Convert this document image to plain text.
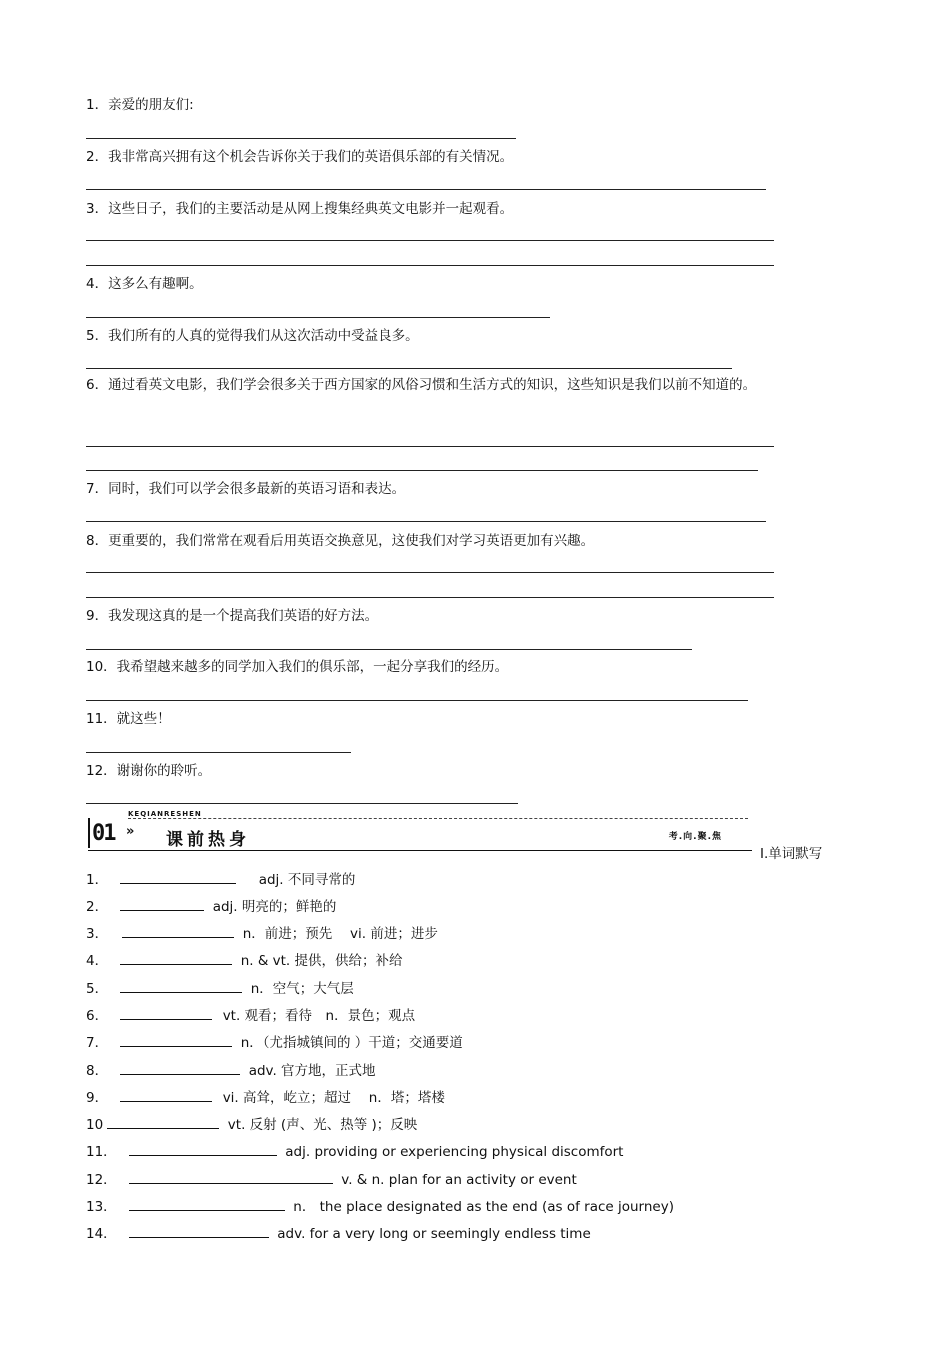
1．亲爱的朋友们:
2．我非常高兴拥有这个机会告诉你关于我们的英语俱乐部的有关情况。
3．这些日子，我们的主要活动是从网上搜集经典英文电影并一起观看。
4．这多么有趣啊。
5．我们所有的人真的觉得我们从这次活动中受益良多。
6．通过看英文电影，我们学会很多关于西方国家的风俗习惯和生活方式的知识，这些知识是我们以前不知道的。
7．同时，我们可以学会很多最新的英语习语和表达。
8．更重要的，我们常常在观看后用英语交换意见，这使我们对学习英语更加有兴趣。
9．我发现这真的是一个提高我们英语的好方法。
10．我希望越来越多的同学加入我们的俱乐部，一起分享我们的经历。
11．就这些！
12．谢谢你的聆听。
01
KEQIANRESHEN
» 课前热身	考.向.聚.焦
Ⅰ.单词默写
1．	adj. 不同寻常的
2．	adj. 明亮的；鲜艳的
3．	n．前进；预先　 vi. 前进；进步
4．	n. & vt. 提供，供给；补给
5．	n．空气；大气层
6．	vt. 观看；看待　n．景色；观点
7．	n．（尤指城镇间的 ）干道；交通要道
8．	adv. 官方地，正式地
9．	vi. 高耸，屹立；超过　 n．塔；塔楼
10	vt. 反射 (声、光、热等 )；反映
11．	adj. providing or experiencing physical discomfort
12．	v. & n. plan for an activity or event
13．	n． the place designated as the end (as of race journey)
14．	adv. for a very long or seemingly endless time
